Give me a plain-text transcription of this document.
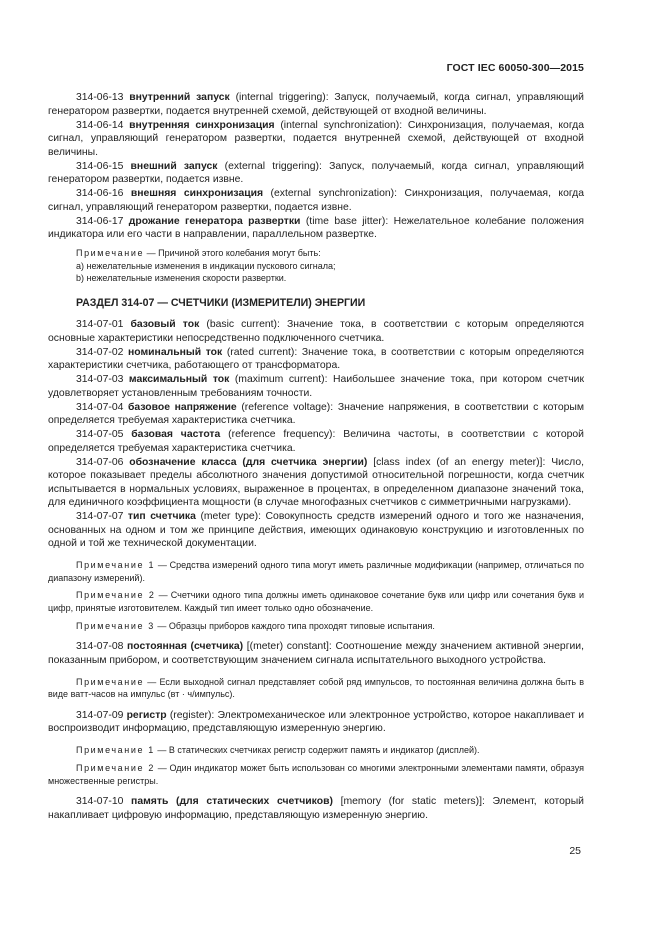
ГОСТ IEC 60050-300—2015

314-06-13 внутренний запуск (internal triggering): Запуск, получаемый, когда сигнал, управляющий генератором развертки, подается внутренней схемой, действующей от входной величины.

314-06-14 внутренняя синхронизация (internal synchronization): Синхронизация, получаемая, когда сигнал, управляющий генератором развертки, подается внутренней схемой, действующей от входной величины.

314-06-15 внешний запуск (external triggering): Запуск, получаемый, когда сигнал, управляющий генератором развертки, подается извне.

314-06-16 внешняя синхронизация (external synchronization): Синхронизация, получаемая, когда сигнал, управляющий генератором развертки, подается извне.

314-06-17 дрожание генератора развертки (time base jitter): Нежелательное колебание положения индикатора или его части в направлении, параллельном развертке.

Примечание — Причиной этого колебания могут быть:

а) нежелательные изменения в индикации пускового сигнала;

b) нежелательные изменения скорости развертки.

РАЗДЕЛ 314-07 — СЧЕТЧИКИ (ИЗМЕРИТЕЛИ) ЭНЕРГИИ

314-07-01 базовый ток (basic current): Значение тока, в соответствии с которым определяются основные характеристики непосредственно подключенного счетчика.

314-07-02 номинальный ток (rated current): Значение тока, в соответствии с которым определяются характеристики счетчика, работающего от трансформатора.

314-07-03 максимальный ток (maximum current): Наибольшее значение тока, при котором счетчик удовлетворяет установленным требованиям точности.

314-07-04 базовое напряжение (reference voltage): Значение напряжения, в соответствии с которым определяется требуемая характеристика счетчика.

314-07-05 базовая частота (reference frequency): Величина частоты, в соответствии с которой определяется требуемая характеристика счетчика.

314-07-06 обозначение класса (для счетчика энергии) [class index (of an energy meter)]: Число, которое показывает пределы абсолютного значения допустимой относительной погрешности, когда счетчик испытывается в нормальных условиях, выраженное в процентах, в определенном диапазоне значений тока, для единичного коэффициента мощности (в случае многофазных счетчиков с симметричными нагрузками).

314-07-07 тип счетчика (meter type): Совокупность средств измерений одного и того же назначения, основанных на одном и том же принципе действия, имеющих одинаковую конструкцию и изготовленных по одной и той же технической документации.

Примечание 1 — Средства измерений одного типа могут иметь различные модификации (например, отличаться по диапазону измерений).

Примечание 2 — Счетчики одного типа должны иметь одинаковое сочетание букв или цифр или сочетания букв и цифр, принятые изготовителем. Каждый тип имеет только одно обозначение.

Примечание 3 — Образцы приборов каждого типа проходят типовые испытания.

314-07-08 постоянная (счетчика) [(meter) constant]: Соотношение между значением активной энергии, показанным прибором, и соответствующим значением сигнала испытательного выходного устройства.

Примечание — Если выходной сигнал представляет собой ряд импульсов, то постоянная величина должна быть в виде ватт-часов на импульс (вт · ч/импульс).

314-07-09 регистр (register): Электромеханическое или электронное устройство, которое накапливает и воспроизводит информацию, представляющую измеренную энергию.

Примечание 1 — В статических счетчиках регистр содержит память и индикатор (дисплей).

Примечание 2 — Один индикатор может быть использован со многими электронными элементами памяти, образуя множественные регистры.

314-07-10 память (для статических счетчиков) [memory (for static meters)]: Элемент, который накапливает цифровую информацию, представляющую измеренную энергию.

25
